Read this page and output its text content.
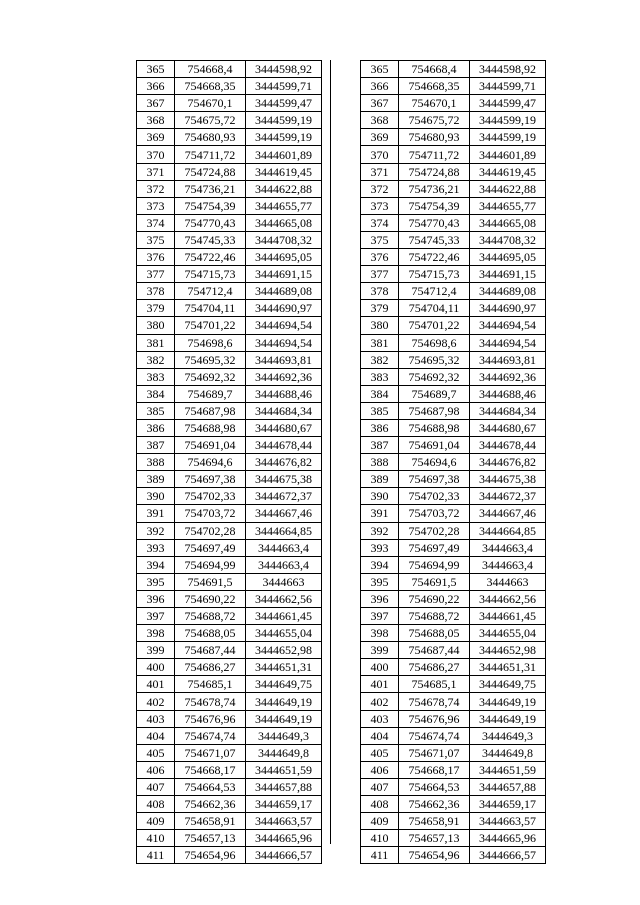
365	754668,4	3444598,92
366	754668,35	3444599,71
367	754670,1	3444599,47
368	754675,72	3444599,19
369	754680,93	3444599,19
370	754711,72	3444601,89
371	754724,88	3444619,45
372	754736,21	3444622,88
373	754754,39	3444655,77
374	754770,43	3444665,08
375	754745,33	3444708,32
376	754722,46	3444695,05
377	754715,73	3444691,15
378	754712,4	3444689,08
379	754704,11	3444690,97
380	754701,22	3444694,54
381	754698,6	3444694,54
382	754695,32	3444693,81
383	754692,32	3444692,36
384	754689,7	3444688,46
385	754687,98	3444684,34
386	754688,98	3444680,67
387	754691,04	3444678,44
388	754694,6	3444676,82
389	754697,38	3444675,38
390	754702,33	3444672,37
391	754703,72	3444667,46
392	754702,28	3444664,85
393	754697,49	3444663,4
394	754694,99	3444663,4
395	754691,5	3444663
396	754690,22	3444662,56
397	754688,72	3444661,45
398	754688,05	3444655,04
399	754687,44	3444652,98
400	754686,27	3444651,31
401	754685,1	3444649,75
402	754678,74	3444649,19
403	754676,96	3444649,19
404	754674,74	3444649,3
405	754671,07	3444649,8
406	754668,17	3444651,59
407	754664,53	3444657,88
408	754662,36	3444659,17
409	754658,91	3444663,57
410	754657,13	3444665,96
411	754654,96	3444666,57
365	754668,4	3444598,92
366	754668,35	3444599,71
367	754670,1	3444599,47
368	754675,72	3444599,19
369	754680,93	3444599,19
370	754711,72	3444601,89
371	754724,88	3444619,45
372	754736,21	3444622,88
373	754754,39	3444655,77
374	754770,43	3444665,08
375	754745,33	3444708,32
376	754722,46	3444695,05
377	754715,73	3444691,15
378	754712,4	3444689,08
379	754704,11	3444690,97
380	754701,22	3444694,54
381	754698,6	3444694,54
382	754695,32	3444693,81
383	754692,32	3444692,36
384	754689,7	3444688,46
385	754687,98	3444684,34
386	754688,98	3444680,67
387	754691,04	3444678,44
388	754694,6	3444676,82
389	754697,38	3444675,38
390	754702,33	3444672,37
391	754703,72	3444667,46
392	754702,28	3444664,85
393	754697,49	3444663,4
394	754694,99	3444663,4
395	754691,5	3444663
396	754690,22	3444662,56
397	754688,72	3444661,45
398	754688,05	3444655,04
399	754687,44	3444652,98
400	754686,27	3444651,31
401	754685,1	3444649,75
402	754678,74	3444649,19
403	754676,96	3444649,19
404	754674,74	3444649,3
405	754671,07	3444649,8
406	754668,17	3444651,59
407	754664,53	3444657,88
408	754662,36	3444659,17
409	754658,91	3444663,57
410	754657,13	3444665,96
411	754654,96	3444666,57
